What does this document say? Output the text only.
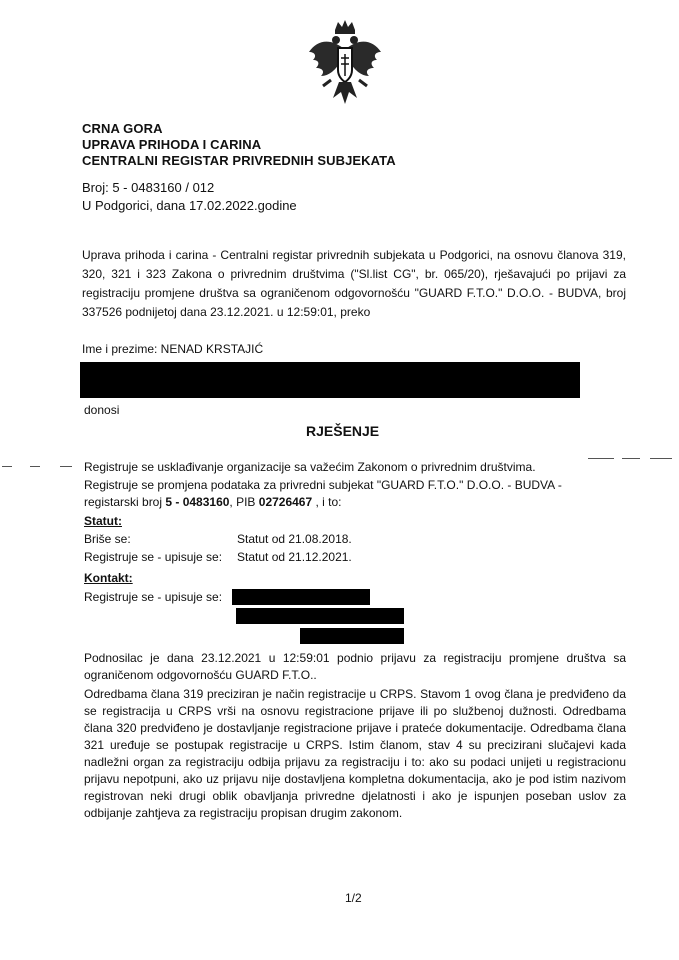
CRNA GORA
UPRAVA PRIHODA I CARINA
CENTRALNI REGISTAR PRIVREDNIH SUBJEKATA
Broj: 5 - 0483160 / 012
U Podgorici, dana 17.02.2022.godine
Uprava prihoda i carina - Centralni registar privrednih subjekata u Podgorici, na osnovu članova 319, 320, 321 i 323 Zakona o privrednim društvima ("Sl.list CG", br. 065/20), rješavajući po prijavi za registraciju promjene društva sa ograničenom odgovornošću "GUARD F.T.O." D.O.O. - BUDVA, broj 337526 podnijetoj dana 23.12.2021. u 12:59:01, preko
Ime i prezime: NENAD KRSTAJIĆ
donosi
RJEŠENJE
Registruje se usklađivanje organizacije sa važećim Zakonom o privrednim društvima.
Registruje se promjena podataka za privredni subjekat "GUARD F.T.O." D.O.O. - BUDVA -
registarski broj 5 - 0483160, PIB 02726467 , i to:
Statut:
Briše se:	Statut od 21.08.2018.
Registruje se - upisuje se: Statut od 21.12.2021.
Kontakt:
Registruje se - upisuje se:
Podnosilac je dana 23.12.2021 u 12:59:01 podnio prijavu za registraciju promjene društva sa ograničenom odgovornošću GUARD F.T.O..
Odredbama člana 319 preciziran je način registracije u CRPS. Stavom 1 ovog člana je predviđeno da se registracija u CRPS vrši na osnovu registracione prijave ili po službenoj dužnosti. Odredbama člana 320 predviđeno je dostavljanje registracione prijave i prateće dokumentacije. Odredbama člana 321 uređuje se postupak registracije u CRPS. Istim članom, stav 4 su precizirani slučajevi kada nadležni organ za registraciju odbija prijavu za registraciju i to: ako su podaci unijeti u registracionu prijavu nepotpuni, ako uz prijavu nije dostavljena kompletna dokumentacija, ako je pod istim nazivom registrovan neki drugi oblik obavljanja privredne djelatnosti i ako je ispunjen poseban uslov za odbijanje zahtjeva za registraciju propisan drugim zakonom.
1/2
